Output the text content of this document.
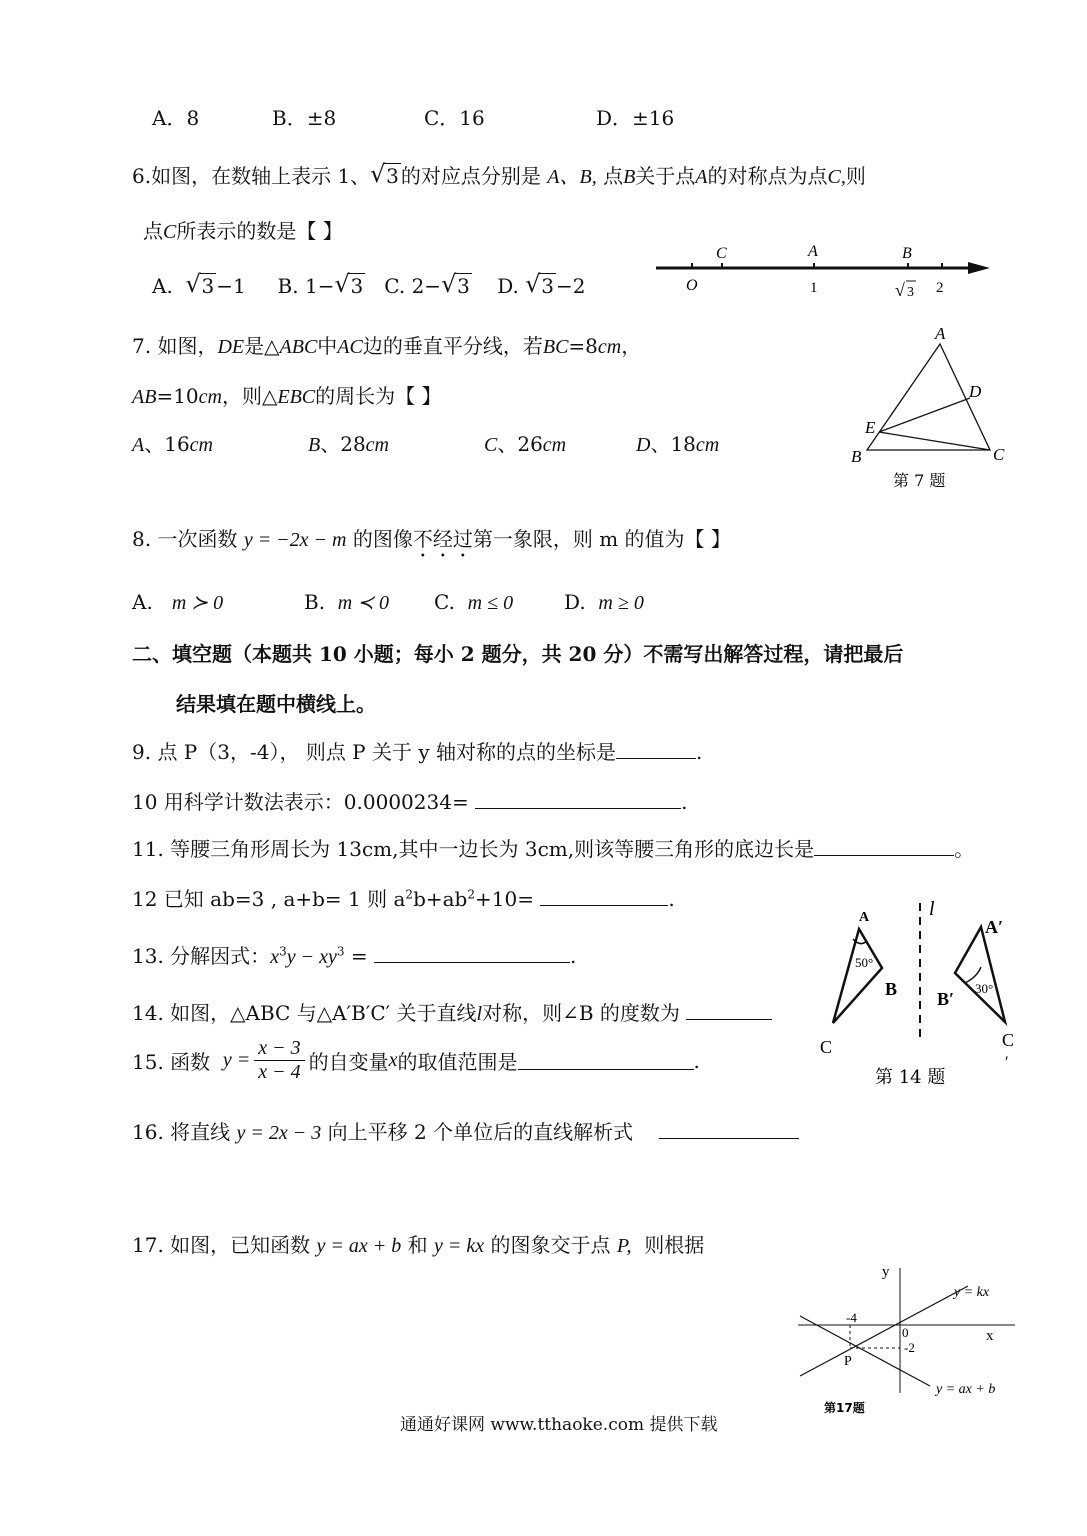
A．8	B．±8	C．16	D．±16
6.如图，在数轴上表示 1、 √ 3 的对应点分别是 A、B, 点B关于点A的对称点为点C,则
点C所表示的数是【 】
A. √ 3 −1 B. 1− √ 3 C. 2− √ 3 D. √ 3 −2
C	A	B
O	1	√ 3 2
7. 如图，DE是△ABC中AC边的垂直平分线，若BC=8cm，
AB=10cm，则△EBC的周长为【 】
A、16cm	B、28cm	C、26cm	D、18cm
A
D
E
B	C
第 7 题
8. 一次函数 y = −2x − m 的图像不经过第一象限，则 m 的值为【 】
A. m ≻ 0	B. m ≺ 0 C. m ≤ 0	D. m ≥ 0
二、填空题（本题共 10 小题；每小 2 题分，共 20 分）不需写出解答过程，请把最后
结果填在题中横线上。
9. 点 P（3，-4）， 则点 P 关于 y 轴对称的点的坐标是	.
10 用科学计数法表示：0.0000234=	.
11. 等腰三角形周长为 13cm,其中一边长为 3cm,则该等腰三角形的底边长是	。
12 已知 ab=3 , a+b= 1 则 $a^2b+ab^2+10=$	.
13. 分解因式：$x^3y - xy^3$ =	.
14. 如图，△ABC 与△A′B′C′ 关于直线l对称，则∠B 的度数为
50°
A
B
C
l
30°
A′
B′
C
′
第 14 题
15. 函数
$y = \frac{x - 3}{x - 4}$ 的自变量 x 的取值范围是	.
16. 将直线 y = 2x − 3 向上平移 2 个单位后的直线解析式
17. 如图，已知函数 y = ax + b 和 y = kx 的图象交于点 P, 则根据
y
x
0
-4
-2
P
y = kx
y = ax + b
第17题
通通好课网 www.tthaoke.com 提供下载
